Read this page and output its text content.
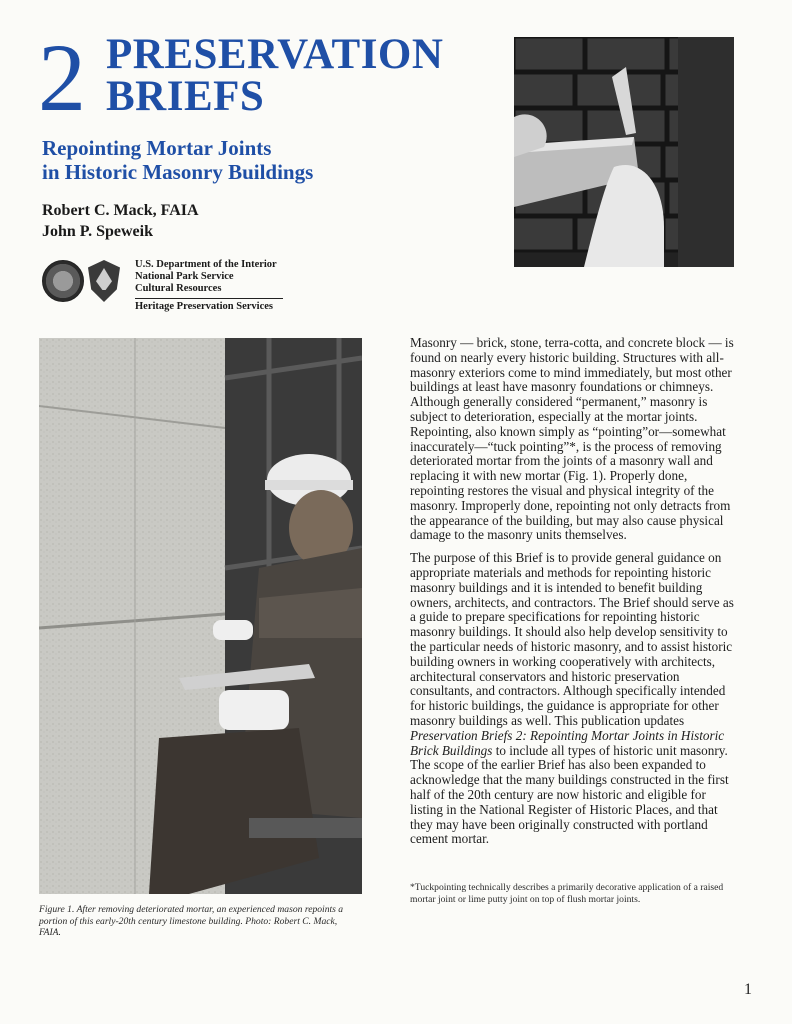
2 PRESERVATION
BRIEFS
Repointing Mortar Joints
in Historic Masonry Buildings
Robert C. Mack, FAIA
John P. Speweik
U.S. Department of the Interior
National Park Service
Cultural Resources
Heritage Preservation Services

Masonry — brick, stone, terra-cotta, and concrete block — is found on nearly every historic building. Structures with all-masonry exteriors come to mind immediately, but most other buildings at least have masonry foundations or chimneys. Although generally considered “permanent,” masonry is subject to deterioration, especially at the mortar joints. Repointing, also known simply as “pointing”or—somewhat inaccurately—“tuck pointing”*, is the process of removing deteriorated mortar from the joints of a masonry wall and replacing it with new mortar (Fig. 1). Properly done, repointing restores the visual and physical integrity of the masonry. Improperly done, repointing not only detracts from the appearance of the building, but may also cause physical damage to the masonry units themselves.

The purpose of this Brief is to provide general guidance on appropriate materials and methods for repointing historic masonry buildings and it is intended to benefit building owners, architects, and contractors. The Brief should serve as a guide to prepare specifications for repointing historic masonry buildings. It should also help develop sensitivity to the particular needs of historic masonry, and to assist historic building owners in working cooperatively with architects, architectural conservators and historic preservation consultants, and contractors. Although specifically intended for historic buildings, the guidance is appropriate for other masonry buildings as well. This publication updates Preservation Briefs 2: Repointing Mortar Joints in Historic Brick Buildings to include all types of historic unit masonry. The scope of the earlier Brief has also been expanded to acknowledge that the many buildings constructed in the first half of the 20th century are now historic and eligible for listing in the National Register of Historic Places, and that they may have been originally constructed with portland cement mortar.

*Tuckpointing technically describes a primarily decorative application of a raised mortar joint or lime putty joint on top of flush mortar joints.
Figure 1. After removing deteriorated mortar, an experienced mason repoints a portion of this early-20th century limestone building. Photo: Robert C. Mack, FAIA.
1
